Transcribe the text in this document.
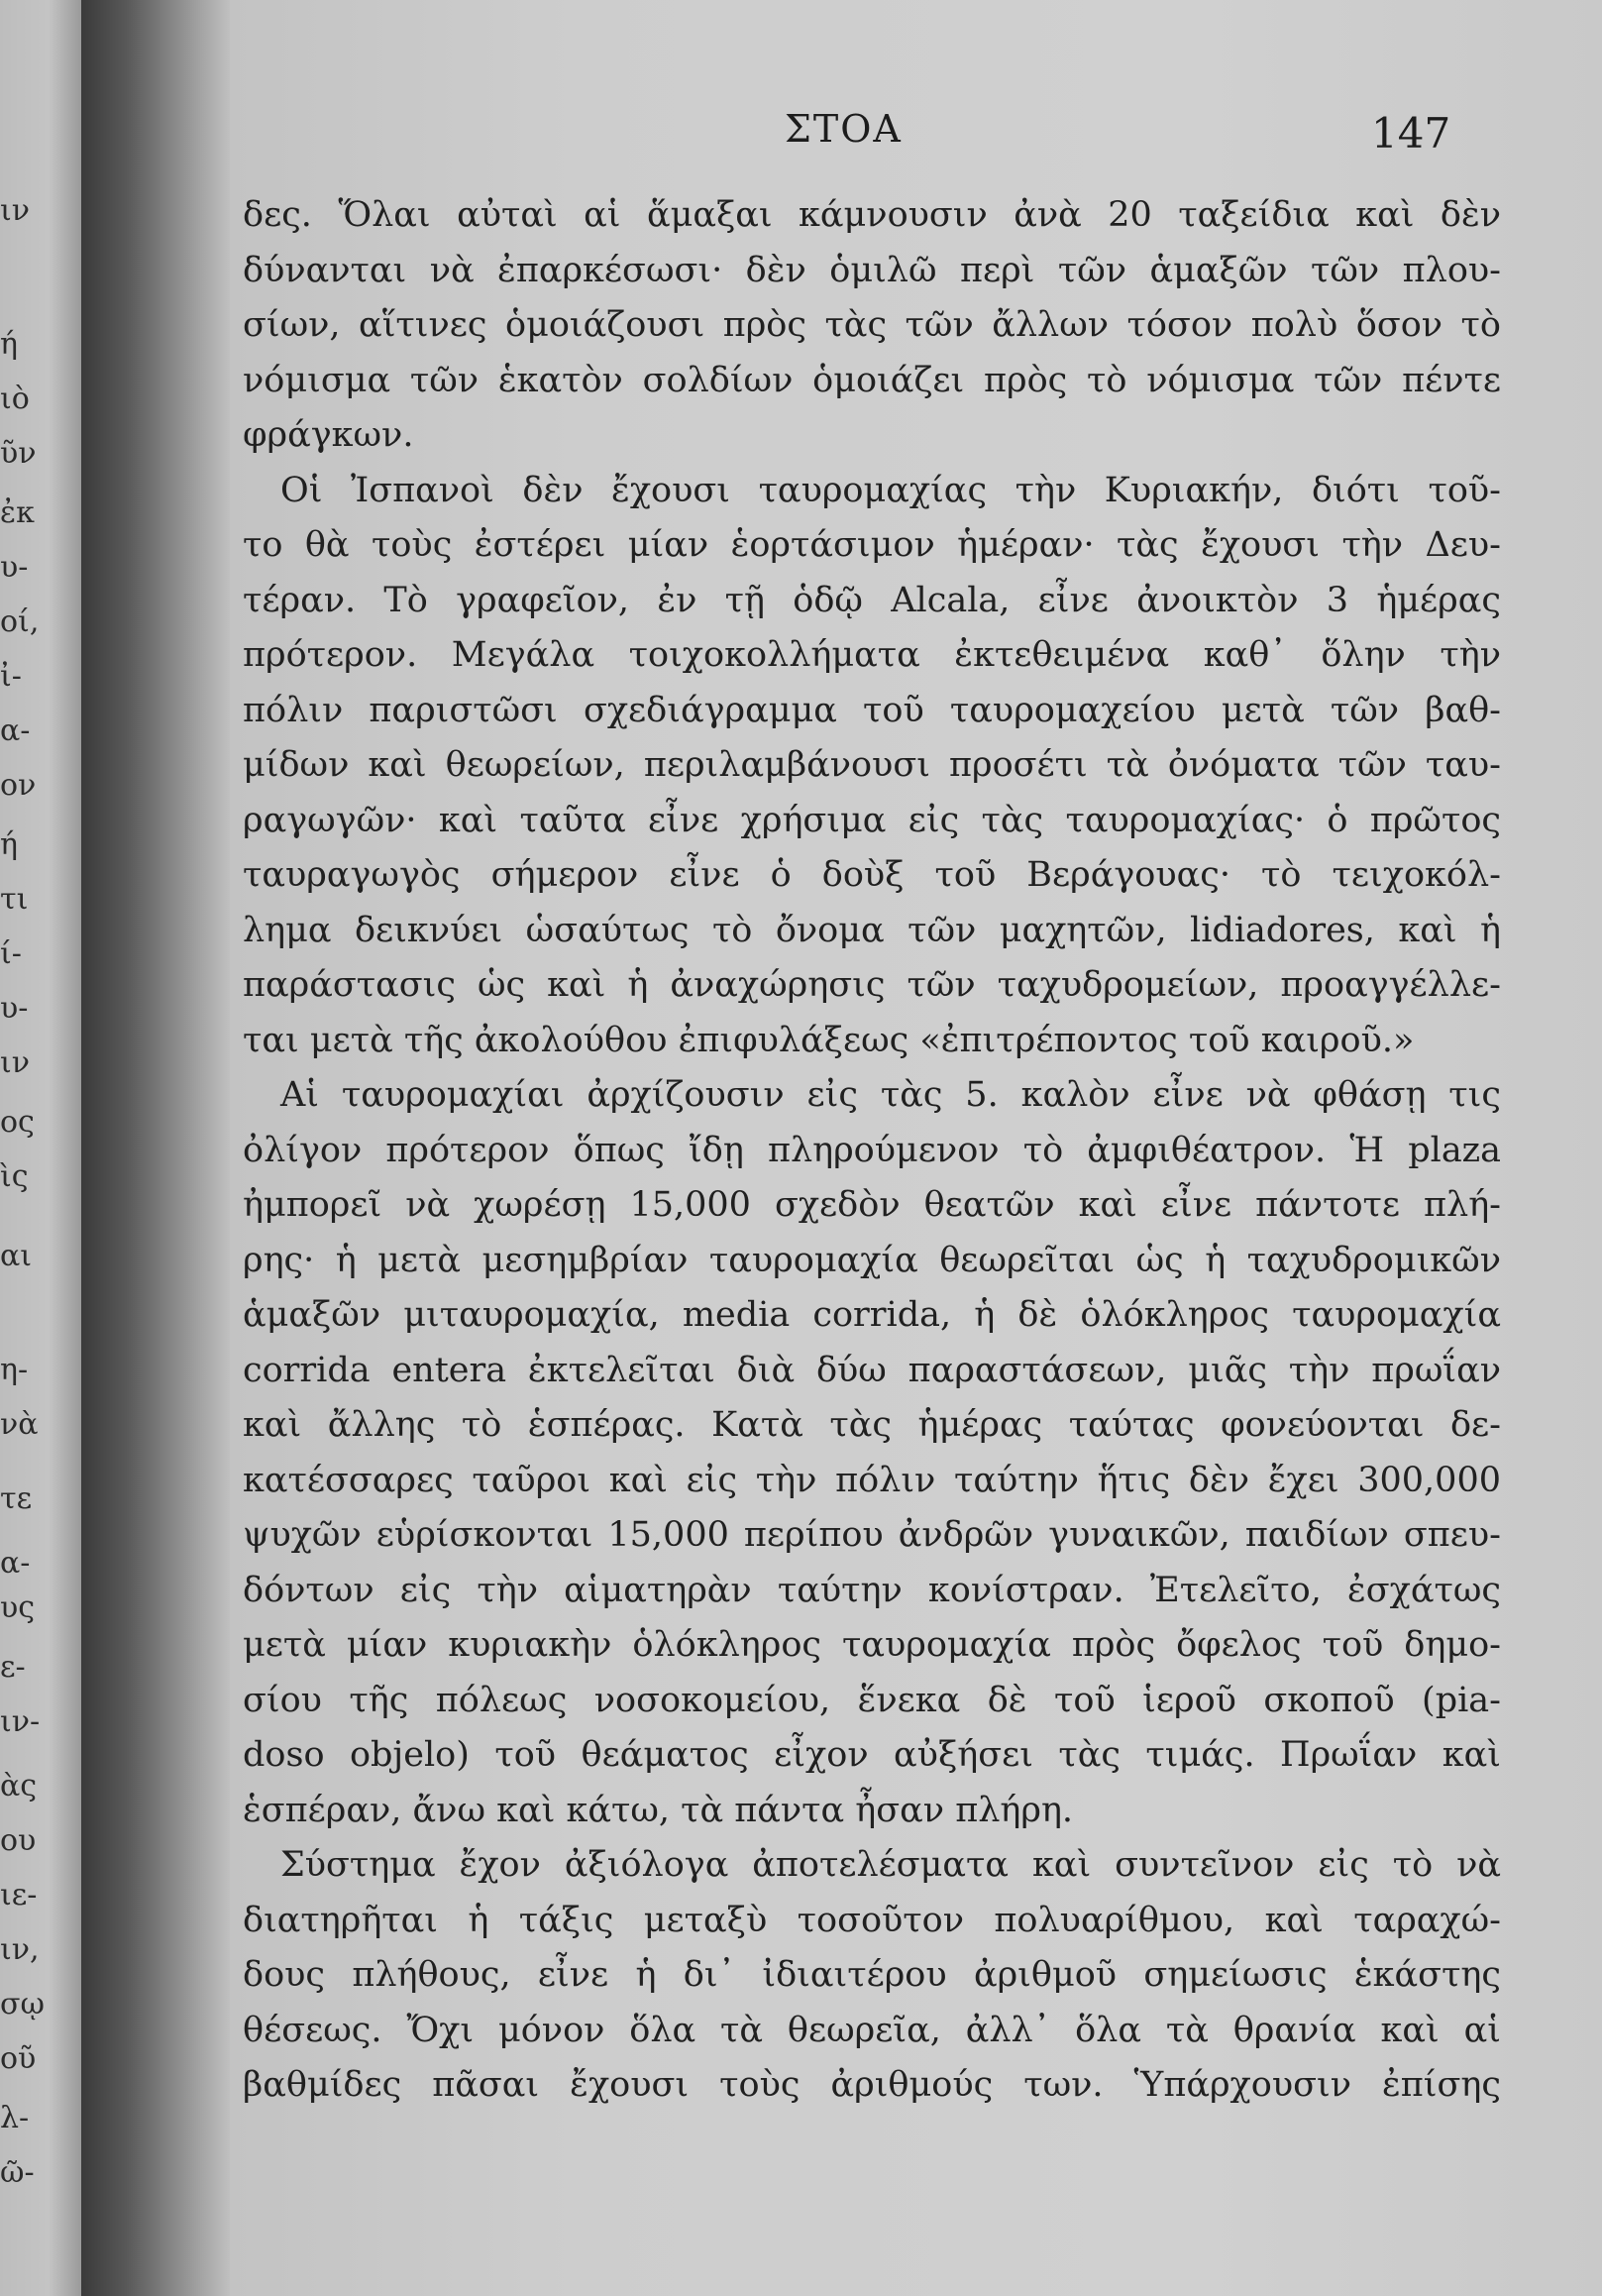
ιν
ή
ιὸ
ῦν
ἐκ
υ-
οί,
ἰ-
α-
ον
ή
τι
ί-
υ-
ιν
ος
ὶς
αι
η-
νὰ
τε
α-
υς
ε-
ιν-
ὰς
ου
ιε-
ιν,
σῳ
οῦ
λ-
ῶ-
ΣΤΟΑ	147
δες. Ὅλαι αὐταὶ αἱ ἅμαξαι κάμνουσιν ἀνὰ 20 ταξείδια καὶ δὲν
δύνανται νὰ ἐπαρκέσωσι· δὲν ὁμιλῶ περὶ τῶν ἁμαξῶν τῶν πλου-
σίων, αἵτινες ὁμοιάζουσι πρὸς τὰς τῶν ἄλλων τόσον πολὺ ὅσον τὸ
νόμισμα τῶν ἑκατὸν σολδίων ὁμοιάζει πρὸς τὸ νόμισμα τῶν πέντε
φράγκων.
Οἱ Ἰσπανοὶ δὲν ἔχουσι ταυρομαχίας τὴν Κυριακήν, διότι τοῦ-
το θὰ τοὺς ἐστέρει μίαν ἑορτάσιμον ἡμέραν· τὰς ἔχουσι τὴν Δευ-
τέραν. Τὸ γραφεῖον, ἐν τῇ ὁδῷ Alcala, εἶνε ἀνοικτὸν 3 ἡμέρας
πρότερον. Μεγάλα τοιχοκολλήματα ἐκτεθειμένα καθ᾽ ὅλην τὴν
πόλιν παριστῶσι σχεδιάγραμμα τοῦ ταυρομαχείου μετὰ τῶν βαθ-
μίδων καὶ θεωρείων, περιλαμβάνουσι προσέτι τὰ ὀνόματα τῶν ταυ-
ραγωγῶν· καὶ ταῦτα εἶνε χρήσιμα εἰς τὰς ταυρομαχίας· ὁ πρῶτος
ταυραγωγὸς σήμερον εἶνε ὁ δοὺξ τοῦ Βεράγουας· τὸ τειχοκόλ-
λημα δεικνύει ὡσαύτως τὸ ὄνομα τῶν μαχητῶν, lidiadores, καὶ ἡ
παράστασις ὡς καὶ ἡ ἀναχώρησις τῶν ταχυδρομείων, προαγγέλλε-
ται μετὰ τῆς ἀκολούθου ἐπιφυλάξεως «ἐπιτρέποντος τοῦ καιροῦ.»
Αἱ ταυρομαχίαι ἀρχίζουσιν εἰς τὰς 5. καλὸν εἶνε νὰ φθάσῃ τις
ὀλίγον πρότερον ὅπως ἴδῃ πληρούμενον τὸ ἀμφιθέατρον. Ἡ plaza
ἠμπορεῖ νὰ χωρέσῃ 15,000 σχεδὸν θεατῶν καὶ εἶνε πάντοτε πλή-
ρης· ἡ μετὰ μεσημβρίαν ταυρομαχία θεωρεῖται ὡς ἡ ταχυδρομικῶν
ἁμαξῶν μιταυρομαχία, media corrida, ἡ δὲ ὁλόκληρος ταυρομαχία
corrida entera ἐκτελεῖται διὰ δύω παραστάσεων, μιᾶς τὴν πρωΐαν
καὶ ἄλλης τὸ ἑσπέρας. Κατὰ τὰς ἡμέρας ταύτας φονεύονται δε-
κατέσσαρες ταῦροι καὶ εἰς τὴν πόλιν ταύτην ἥτις δὲν ἔχει 300,000
ψυχῶν εὑρίσκονται 15,000 περίπου ἀνδρῶν γυναικῶν, παιδίων σπευ-
δόντων εἰς τὴν αἱματηρὰν ταύτην κονίστραν. Ἐτελεῖτο, ἐσχάτως
μετὰ μίαν κυριακὴν ὁλόκληρος ταυρομαχία πρὸς ὄφελος τοῦ δημο-
σίου τῆς πόλεως νοσοκομείου, ἕνεκα δὲ τοῦ ἱεροῦ σκοποῦ (pia-
doso objelo) τοῦ θεάματος εἶχον αὐξήσει τὰς τιμάς. Πρωΐαν καὶ
ἑσπέραν, ἄνω καὶ κάτω, τὰ πάντα ἦσαν πλήρη.
Σύστημα ἔχον ἀξιόλογα ἀποτελέσματα καὶ συντεῖνον εἰς τὸ νὰ
διατηρῆται ἡ τάξις μεταξὺ τοσοῦτον πολυαρίθμου, καὶ ταραχώ-
δους πλήθους, εἶνε ἡ δι᾽ ἰδιαιτέρου ἀριθμοῦ σημείωσις ἑκάστης
θέσεως. Ὄχι μόνον ὅλα τὰ θεωρεῖα, ἀλλ᾽ ὅλα τὰ θρανία καὶ αἱ
βαθμίδες πᾶσαι ἔχουσι τοὺς ἀριθμούς των. Ὑπάρχουσιν ἐπίσης
